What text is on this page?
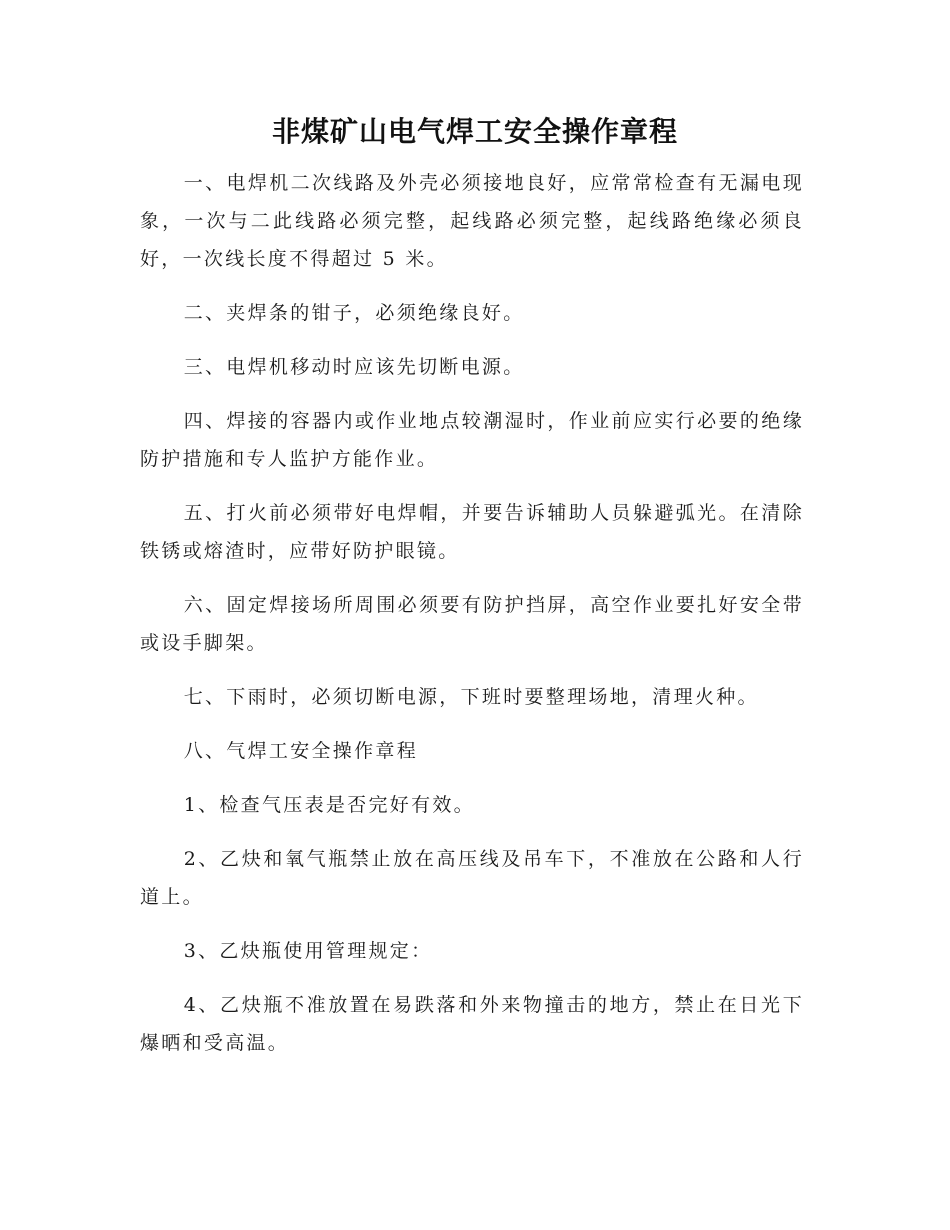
非煤矿山电气焊工安全操作章程

一、电焊机二次线路及外壳必须接地良好，应常常检查有无漏电现象，一次与二此线路必须完整，起线路必须完整，起线路绝缘必须良好，一次线长度不得超过 5 米。

二、夹焊条的钳子，必须绝缘良好。

三、电焊机移动时应该先切断电源。

四、焊接的容器内或作业地点较潮湿时，作业前应实行必要的绝缘防护措施和专人监护方能作业。

五、打火前必须带好电焊帽，并要告诉辅助人员躲避弧光。在清除铁锈或熔渣时，应带好防护眼镜。

六、固定焊接场所周围必须要有防护挡屏，高空作业要扎好安全带或设手脚架。

七、下雨时，必须切断电源，下班时要整理场地，清理火种。

八、气焊工安全操作章程

1、检查气压表是否完好有效。

2、乙炔和氧气瓶禁止放在高压线及吊车下，不准放在公路和人行道上。

3、乙炔瓶使用管理规定：

4、乙炔瓶不准放置在易跌落和外来物撞击的地方，禁止在日光下爆晒和受高温。
